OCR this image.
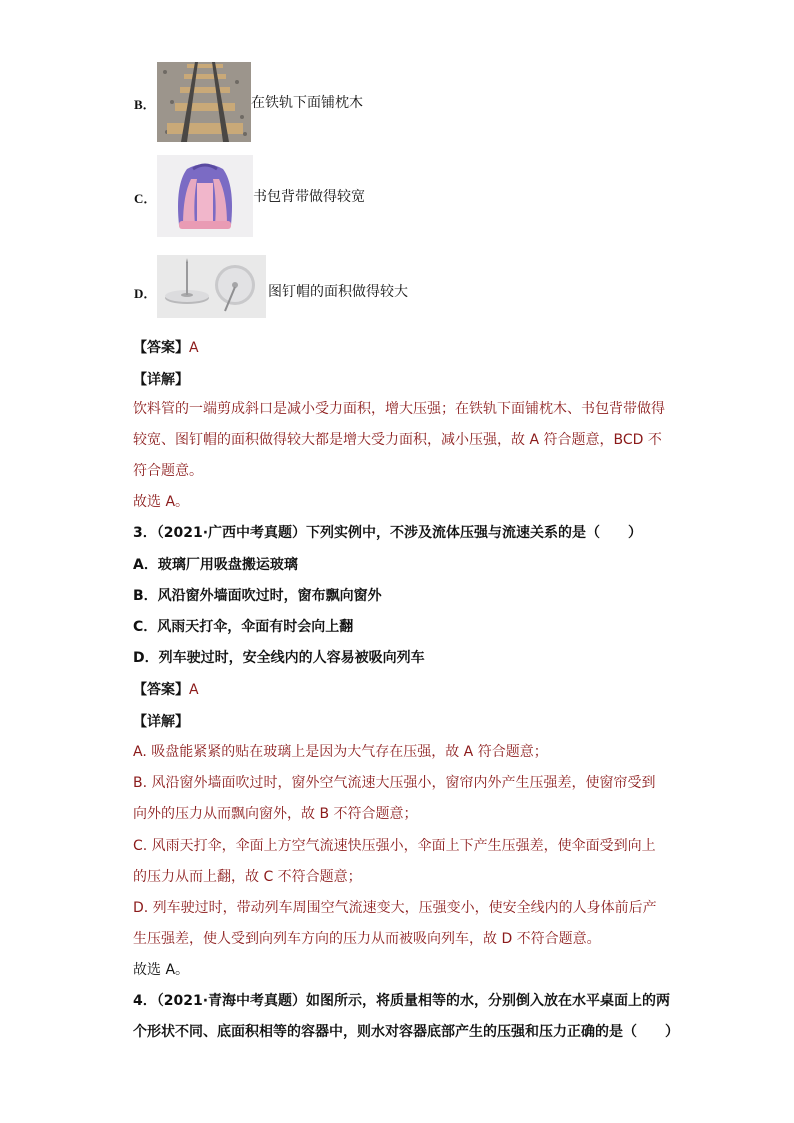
B．	在铁轨下面铺枕木
C．	书包背带做得较宽
D．	图钉帽的面积做得较大
【答案】A
【详解】
饮料管的一端剪成斜口是减小受力面积，增大压强；在铁轨下面铺枕木、书包背带做得
较宽、图钉帽的面积做得较大都是增大受力面积，减小压强，故 A 符合题意，BCD 不
符合题意。
故选 A。
3．（2021·广西中考真题）下列实例中，不涉及流体压强与流速关系的是（　　）
A．玻璃厂用吸盘搬运玻璃
B．风沿窗外墙面吹过时，窗布飘向窗外
C．风雨天打伞，伞面有时会向上翻
D．列车驶过时，安全线内的人容易被吸向列车
【答案】A
【详解】
A. 吸盘能紧紧的贴在玻璃上是因为大气存在压强，故 A 符合题意；
B. 风沿窗外墙面吹过时，窗外空气流速大压强小，窗帘内外产生压强差，使窗帘受到
向外的压力从而飘向窗外，故 B 不符合题意；
C. 风雨天打伞，伞面上方空气流速快压强小，伞面上下产生压强差，使伞面受到向上
的压力从而上翻，故 C 不符合题意；
D. 列车驶过时，带动列车周围空气流速变大，压强变小，使安全线内的人身体前后产
生压强差，使人受到向列车方向的压力从而被吸向列车，故 D 不符合题意。
故选 A。
4．（2021·青海中考真题）如图所示，将质量相等的水，分别倒入放在水平桌面上的两
个形状不同、底面积相等的容器中，则水对容器底部产生的压强和压力正确的是（　　）
